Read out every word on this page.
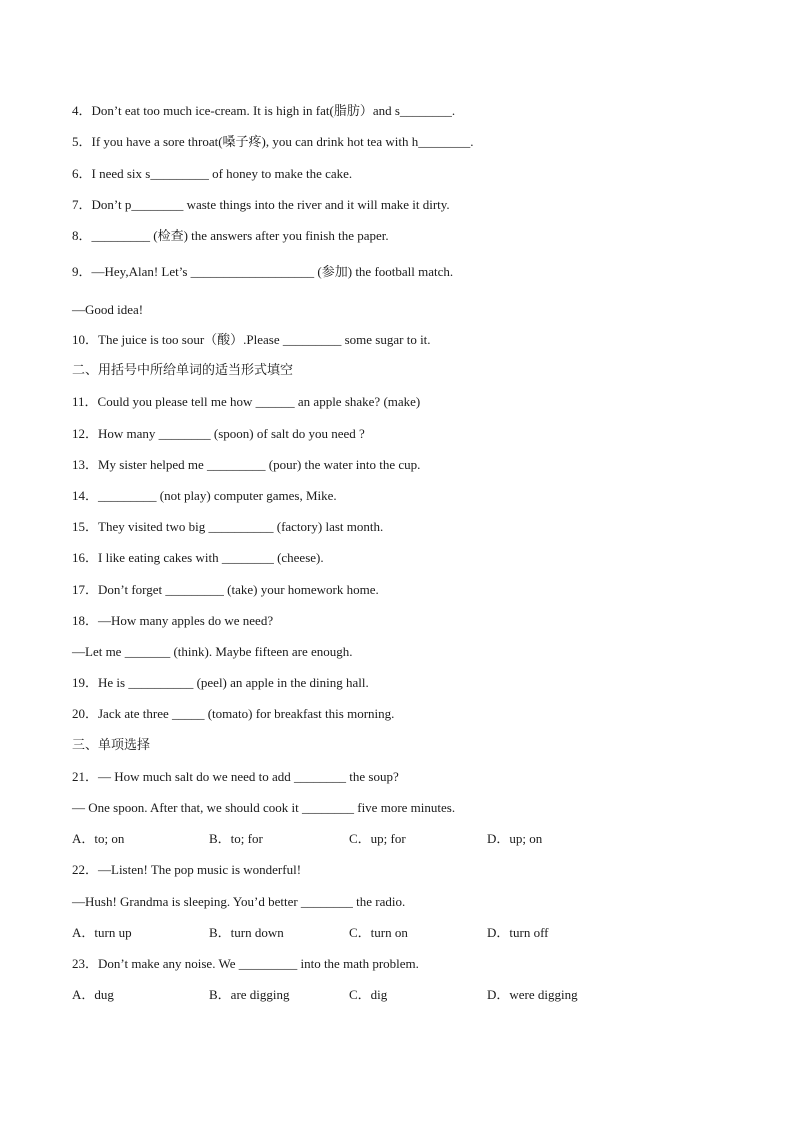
4．Don’t eat too much ice-cream. It is high in fat(脂肪）and s________.
5．If you have a sore throat(嗓子疼), you can drink hot tea with h________.
6．I need six s_________ of honey to make the cake.
7．Don’t p________ waste things into the river and it will make it dirty.
8．_________ (检查) the answers after you finish the paper.
9．—Hey,Alan! Let’s ___________________ (参加) the football match.
—Good idea!
10．The juice is too sour（酸）.Please _________ some sugar to it.
二、用括号中所给单词的适当形式填空
11．Could you please tell me how ______ an apple shake? (make)
12．How many ________ (spoon) of salt do you need ?
13．My sister helped me _________ (pour) the water into the cup.
14．_________ (not play) computer games, Mike.
15．They visited two big __________ (factory) last month.
16．I like eating cakes with ________ (cheese).
17．Don’t forget _________ (take) your homework home.
18．—How many apples do we need?
—Let me _______ (think). Maybe fifteen are enough.
19．He is __________ (peel) an apple in the dining hall.
20．Jack ate three _____ (tomato) for breakfast this morning.
三、单项选择
21．— How much salt do we need to add ________ the soup?
— One spoon. After that, we should cook it ________ five more minutes.
A．to; on	B．to; for	C．up; for	D．up; on
22．—Listen! The pop music is wonderful!
—Hush! Grandma is sleeping. You’d better ________ the radio.
A．turn up	B．turn down	C．turn on	D．turn off
23．Don’t make any noise. We _________ into the math problem.
A．dug	B．are digging	C．dig	D．were digging
